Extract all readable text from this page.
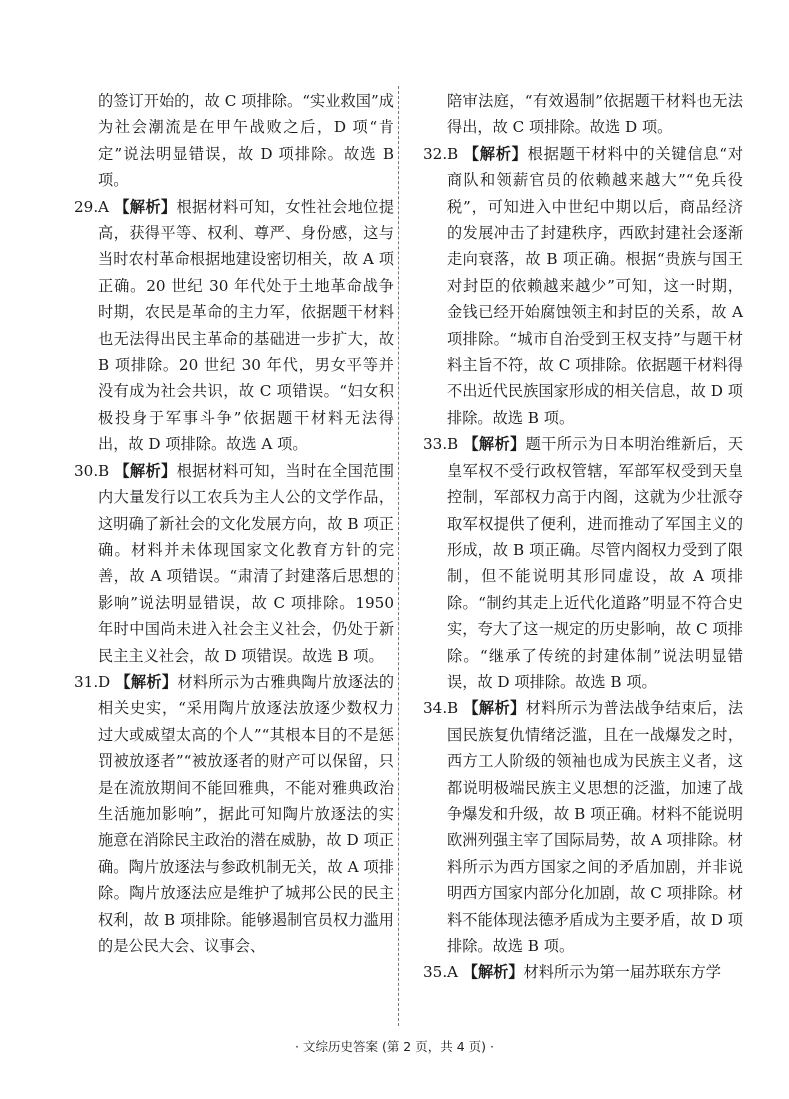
的签订开始的，故 C 项排除。“实业救国”成为社会潮流是在甲午战败之后，D 项“肯定”说法明显错误，故 D 项排除。故选 B 项。

29. A 【解析】根据材料可知，女性社会地位提高，获得平等、权利、尊严、身份感，这与当时农村革命根据地建设密切相关，故 A 项正确。20 世纪 30 年代处于土地革命战争时期，农民是革命的主力军，依据题干材料也无法得出民主革命的基础进一步扩大，故 B 项排除。20 世纪 30 年代，男女平等并没有成为社会共识，故 C 项错误。“妇女积极投身于军事斗争”依据题干材料无法得出，故 D 项排除。故选 A 项。

30. B 【解析】根据材料可知，当时在全国范围内大量发行以工农兵为主人公的文学作品，这明确了新社会的文化发展方向，故 B 项正确。材料并未体现国家文化教育方针的完善，故 A 项错误。“肃清了封建落后思想的影响”说法明显错误，故 C 项排除。1950 年时中国尚未进入社会主义社会，仍处于新民主主义社会，故 D 项错误。故选 B 项。

31. D 【解析】材料所示为古雅典陶片放逐法的相关史实，“采用陶片放逐法放逐少数权力过大或威望太高的个人”“其根本目的不是惩罚被放逐者”“被放逐者的财产可以保留，只是在流放期间不能回雅典，不能对雅典政治生活施加影响”，据此可知陶片放逐法的实施意在消除民主政治的潜在威胁，故 D 项正确。陶片放逐法与参政机制无关，故 A 项排除。陶片放逐法应是维护了城邦公民的民主权利，故 B 项排除。能够遏制官员权力滥用的是公民大会、议事会、

陪审法庭，“有效遏制”依据题干材料也无法得出，故 C 项排除。故选 D 项。

32. B 【解析】根据题干材料中的关键信息“对商队和领薪官员的依赖越来越大”“免兵役税”，可知进入中世纪中期以后，商品经济的发展冲击了封建秩序，西欧封建社会逐渐走向衰落，故 B 项正确。根据“贵族与国王对封臣的依赖越来越少”可知，这一时期，金钱已经开始腐蚀领主和封臣的关系，故 A 项排除。“城市自治受到王权支持”与题干材料主旨不符，故 C 项排除。依据题干材料得不出近代民族国家形成的相关信息，故 D 项排除。故选 B 项。

33. B 【解析】题干所示为日本明治维新后，天皇军权不受行政权管辖，军部军权受到天皇控制，军部权力高于内阁，这就为少壮派夺取军权提供了便利，进而推动了军国主义的形成，故 B 项正确。尽管内阁权力受到了限制，但不能说明其形同虚设，故 A 项排除。“制约其走上近代化道路”明显不符合史实，夸大了这一规定的历史影响，故 C 项排除。“继承了传统的封建体制”说法明显错误，故 D 项排除。故选 B 项。

34. B 【解析】材料所示为普法战争结束后，法国民族复仇情绪泛滥，且在一战爆发之时，西方工人阶级的领袖也成为民族主义者，这都说明极端民族主义思想的泛滥，加速了战争爆发和升级，故 B 项正确。材料不能说明欧洲列强主宰了国际局势，故 A 项排除。材料所示为西方国家之间的矛盾加剧，并非说明西方国家内部分化加剧，故 C 项排除。材料不能体现法德矛盾成为主要矛盾，故 D 项排除。故选 B 项。

35. A 【解析】材料所示为第一届苏联东方学

· 文综历史答案 (第 2 页，共 4 页) ·
